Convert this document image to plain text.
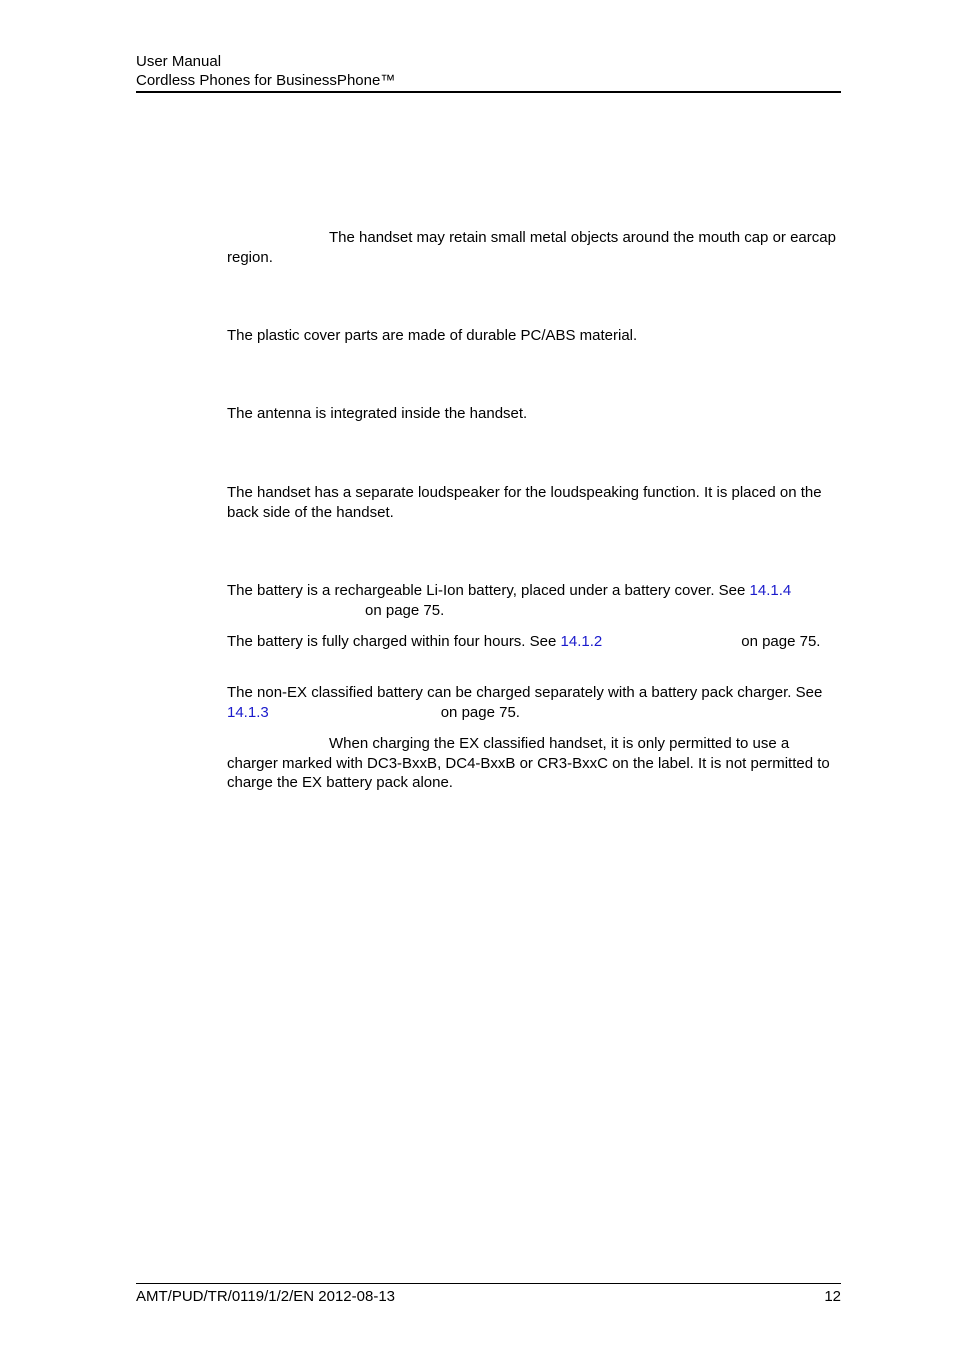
User Manual
Cordless Phones for BusinessPhone™

The handset may retain small metal objects around the mouth cap or earcap region.

The plastic cover parts are made of durable PC/ABS material.

The antenna is integrated inside the handset.

The handset has a separate loudspeaker for the loudspeaking function. It is placed on the back side of the handset.

The battery is a rechargeable Li-Ion battery, placed under a battery cover. See 14.1.4
on page 75.

The battery is fully charged within four hours. See 14.1.2	on page 75.

The non-EX classified battery can be charged separately with a battery pack charger. See 14.1.3	on page 75.

When charging the EX classified handset, it is only permitted to use a charger marked with DC3-BxxB, DC4-BxxB or CR3-BxxC on the label. It is not permitted to charge the EX battery pack alone.

AMT/PUD/TR/0119/1/2/EN 2012-08-13	12
